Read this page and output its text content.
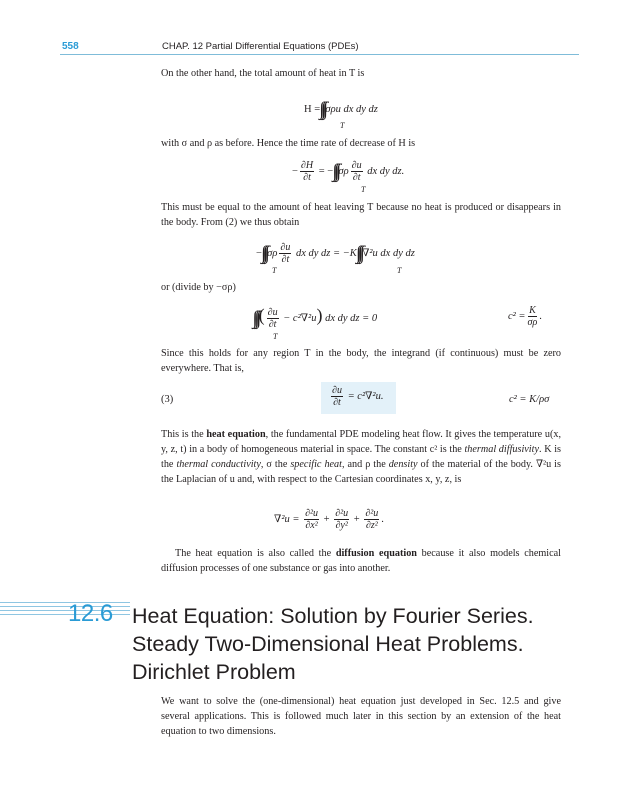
558	CHAP. 12 Partial Differential Equations (PDEs)

On the other hand, the total amount of heat in T is

H = σρu dx dy dz
T

with σ and ρ as before. Hence the time rate of decrease of H is

− $\frac{\partial H}{\partial t}$ = − σρ $\frac{\partial u}{\partial t}$ dx dy dz.
T

This must be equal to the amount of heat leaving T because no heat is produced or disappears in the body. From (2) we thus obtain

− σρ $\frac{\partial u}{\partial t}$ dx dy dz = −K ∇²u dx dy dz
T	T

or (divide by −σρ)

( $\frac{\partial u}{\partial t} - c^2\nabla^2u$) dx dy dz = 0
T
$c^2 = \frac{K}{\sigma\rho}$ .

Since this holds for any region T in the body, the integrand (if continuous) must be zero everywhere. That is,

(3)	$\frac{\partial u}{\partial t} = c^2\nabla^2u$.	c² = K/ρσ

This is the heat equation, the fundamental PDE modeling heat flow. It gives the temperature u(x, y, z, t) in a body of homogeneous material in space. The constant c² is the thermal diffusivity. K is the thermal conductivity, σ the specific heat, and ρ the density of the material of the body. ∇²u is the Laplacian of u and, with respect to the Cartesian coordinates x, y, z, is

$\nabla^2u = \frac{\text{∂²u}}{\text{∂x²}} + \frac{\text{∂²u}}{\text{∂y²}} + \frac{\text{∂²u}}{\text{∂z²}}$ .

The heat equation is also called the diffusion equation because it also models chemical diffusion processes of one substance or gas into another.

12.6 Heat Equation: Solution by Fourier Series.
Steady Two-Dimensional Heat Problems.
Dirichlet Problem

We want to solve the (one-dimensional) heat equation just developed in Sec. 12.5 and give several applications. This is followed much later in this section by an extension of the heat equation to two dimensions.
